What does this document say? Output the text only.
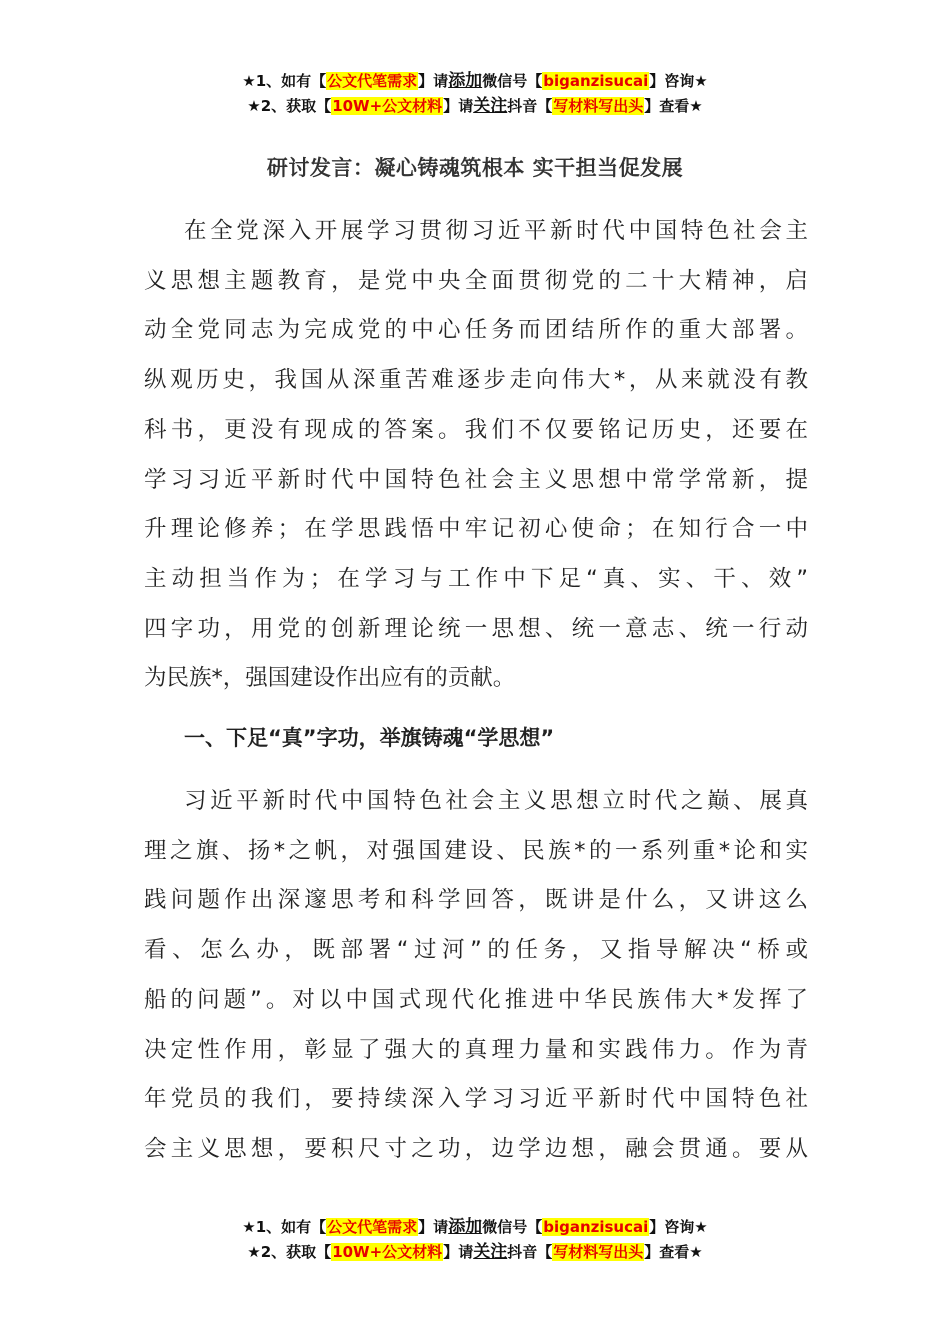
★1、如有【公文代笔需求】请添加微信号【biganzisucai】咨询★
★2、获取【10W+公文材料】请关注抖音【写材料写出头】查看★
研讨发言：凝心铸魂筑根本 实干担当促发展
在全党深入开展学习贯彻习近平新时代中国特色社会主
义思想主题教育，是党中央全面贯彻党的二十大精神，启
动全党同志为完成党的中心任务而团结所作的重大部署。
纵观历史，我国从深重苦难逐步走向伟大*，从来就没有教
科书，更没有现成的答案。我们不仅要铭记历史，还要在
学习习近平新时代中国特色社会主义思想中常学常新，提
升理论修养；在学思践悟中牢记初心使命；在知行合一中
主动担当作为；在学习与工作中下足“真、实、干、效”
四字功，用党的创新理论统一思想、统一意志、统一行动
为民族*，强国建设作出应有的贡献。
一、下足“真”字功，举旗铸魂“学思想”
习近平新时代中国特色社会主义思想立时代之巅、展真
理之旗、扬*之帆，对强国建设、民族*的一系列重*论和实
践问题作出深邃思考和科学回答，既讲是什么，又讲这么
看、怎么办，既部署“过河”的任务，又指导解决“桥或
船的问题”。对以中国式现代化推进中华民族伟大*发挥了
决定性作用，彰显了强大的真理力量和实践伟力。作为青
年党员的我们，要持续深入学习习近平新时代中国特色社
会主义思想，要积尺寸之功，边学边想，融会贯通。要从
★1、如有【公文代笔需求】请添加微信号【biganzisucai】咨询★
★2、获取【10W+公文材料】请关注抖音【写材料写出头】查看★
